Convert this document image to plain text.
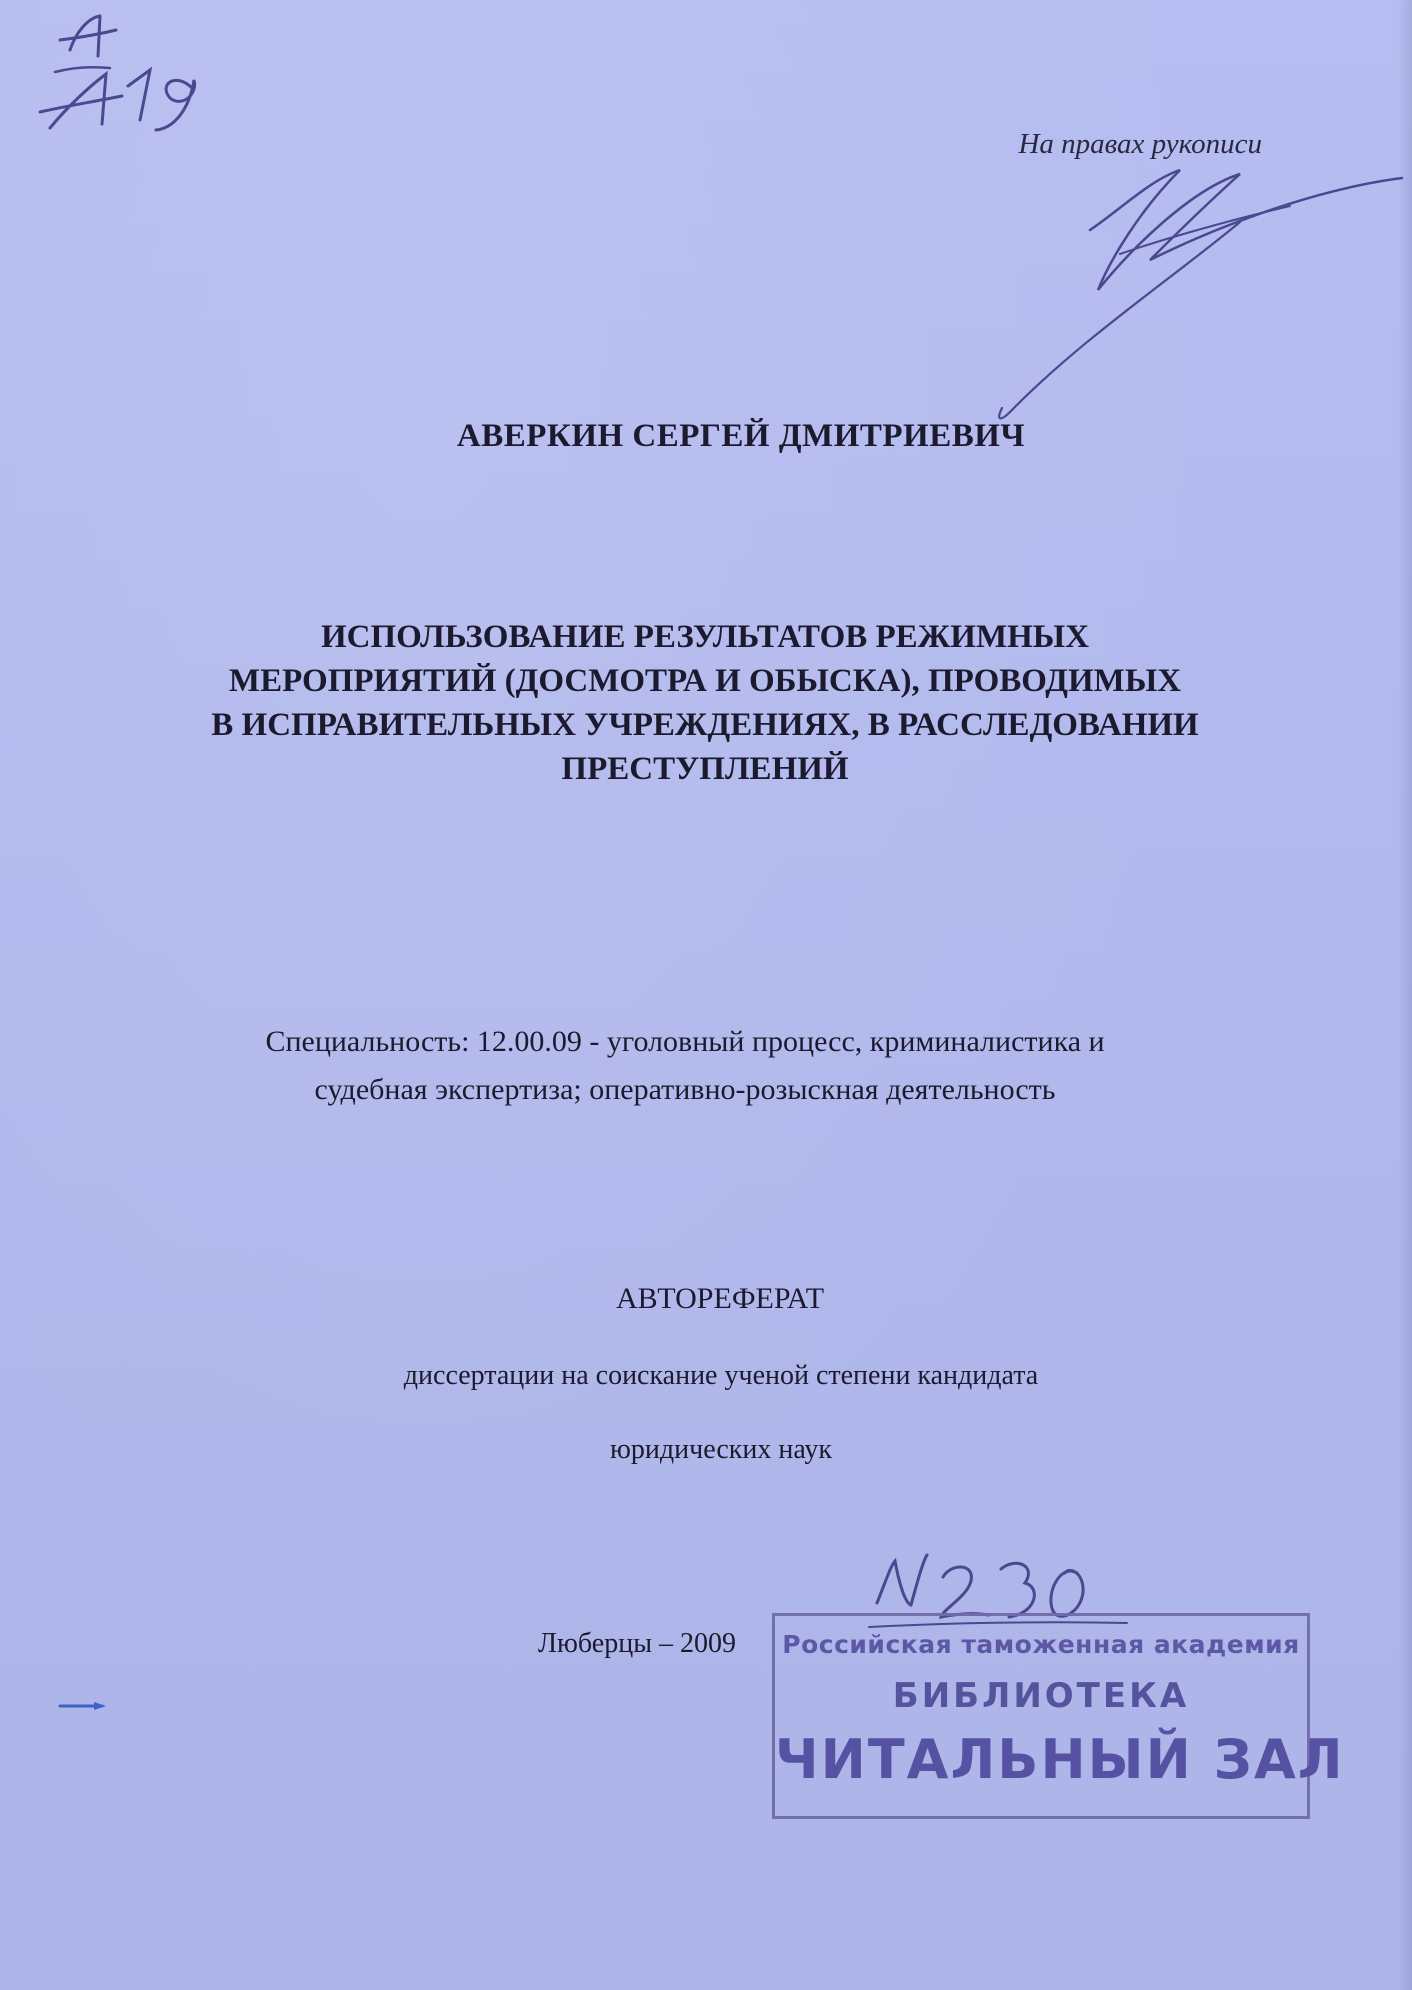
На правах рукописи
АВЕРКИН СЕРГЕЙ ДМИТРИЕВИЧ
ИСПОЛЬЗОВАНИЕ РЕЗУЛЬТАТОВ РЕЖИМНЫХ
МЕРОПРИЯТИЙ (ДОСМОТРА И ОБЫСКА), ПРОВОДИМЫХ
В ИСПРАВИТЕЛЬНЫХ УЧРЕЖДЕНИЯХ, В РАССЛЕДОВАНИИ
ПРЕСТУПЛЕНИЙ
Специальность: 12.00.09 - уголовный процесс, криминалистика и
судебная экспертиза; оперативно-розыскная деятельность
АВТОРЕФЕРАТ
диссертации на соискание ученой степени кандидата
юридических наук
Люберцы – 2009
N 230
Российская таможенная академия
БИБЛИОТЕКА
ЧИТАЛЬНЫЙ ЗАЛ
